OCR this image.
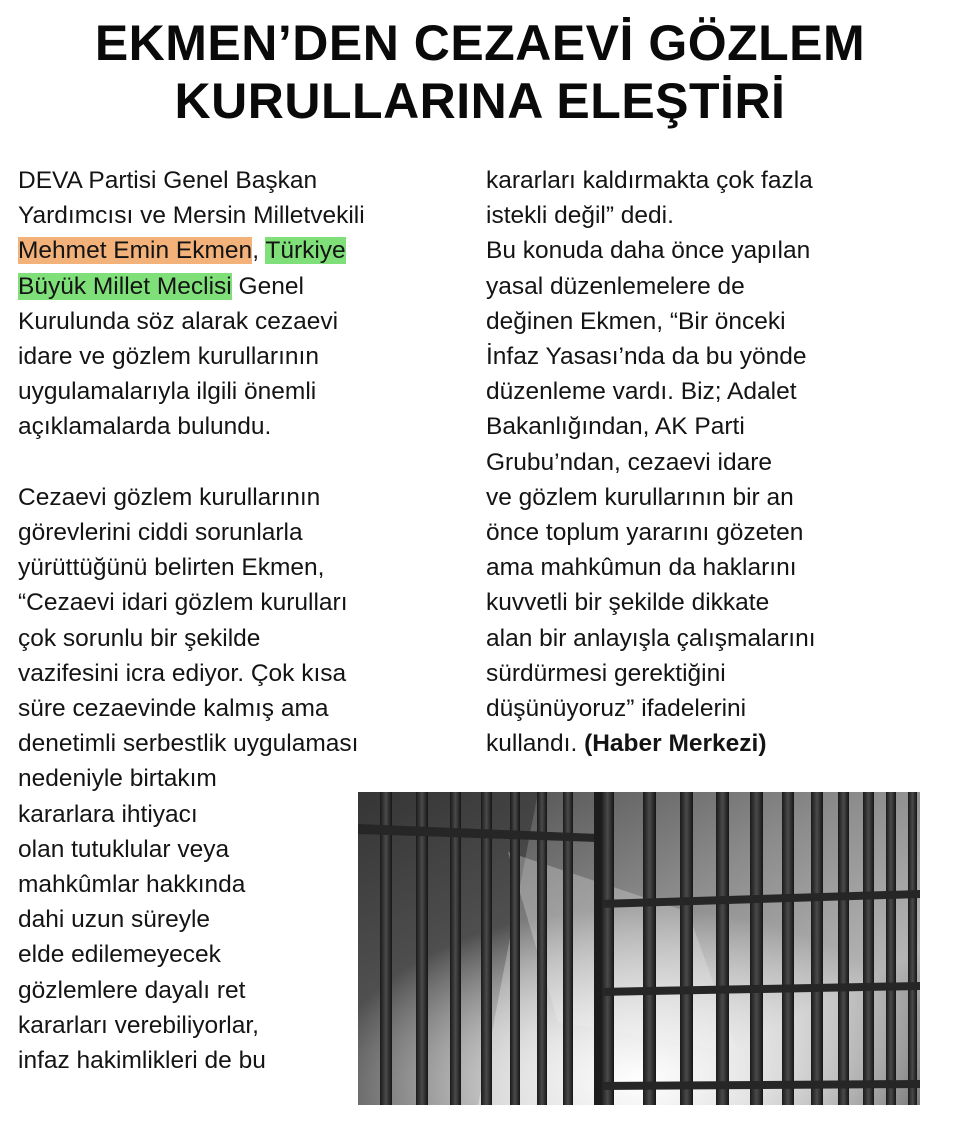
EKMEN’DEN CEZAEVİ GÖZLEM
KURULLARINA ELEŞTİRİ

DEVA Partisi Genel Başkan
Yardımcısı ve Mersin Milletvekili
Mehmet Emin Ekmen, Türkiye
Büyük Millet Meclisi Genel
Kurulunda söz alarak cezaevi
idare ve gözlem kurullarının
uygulamalarıyla ilgili önemli
açıklamalarda bulundu.

Cezaevi gözlem kurullarının
görevlerini ciddi sorunlarla
yürüttüğünü belirten Ekmen,
“Cezaevi idari gözlem kurulları
çok sorunlu bir şekilde
vazifesini icra ediyor. Çok kısa
süre cezaevinde kalmış ama
denetimli serbestlik uygulaması
nedeniyle birtakım
kararlara ihtiyacı
olan tutuklular veya
mahkûmlar hakkında
dahi uzun süreyle
elde edilemeyecek
gözlemlere dayalı ret
kararları verebiliyorlar,
infaz hakimlikleri de bu

kararları kaldırmakta çok fazla
istekli değil” dedi.

Bu konuda daha önce yapılan
yasal düzenlemelere de
değinen Ekmen, “Bir önceki
İnfaz Yasası’nda da bu yönde
düzenleme vardı. Biz; Adalet
Bakanlığından, AK Parti
Grubu’ndan, cezaevi idare
ve gözlem kurullarının bir an
önce toplum yararını gözeten
ama mahkûmun da haklarını
kuvvetli bir şekilde dikkate
alan bir anlayışla çalışmalarını
sürdürmesi gerektiğini
düşünüyoruz” ifadelerini
kullandı. (Haber Merkezi)
